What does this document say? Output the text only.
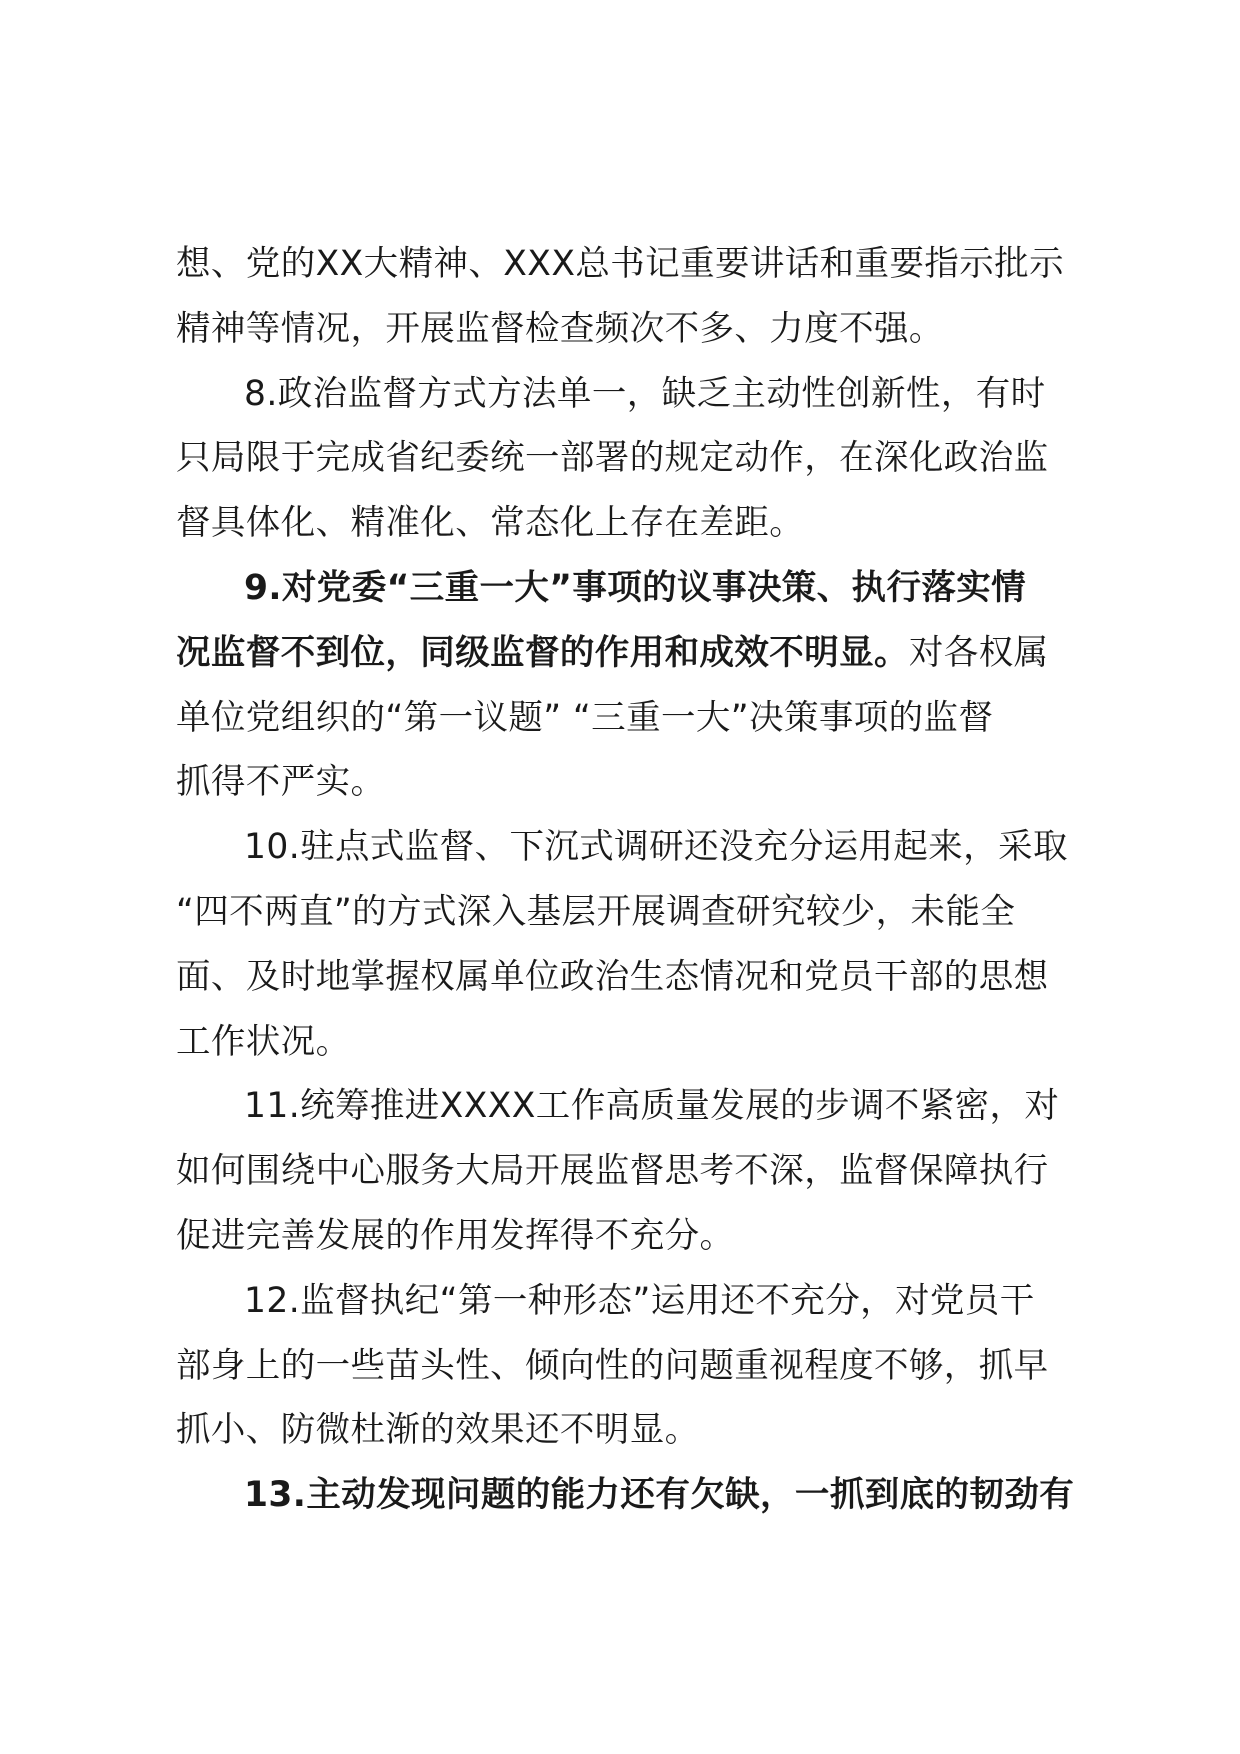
想、党的XX大精神、XXX总书记重要讲话和重要指示批示
精神等情况，开展监督检查频次不多、力度不强。
8.政治监督方式方法单一，缺乏主动性创新性，有时
只局限于完成省纪委统一部署的规定动作，在深化政治监
督具体化、精准化、常态化上存在差距。
9.对党委“三重一大”事项的议事决策、执行落实情
况监督不到位，同级监督的作用和成效不明显。对各权属
单位党组织的“第一议题” “三重一大”决策事项的监督
抓得不严实。
10.驻点式监督、下沉式调研还没充分运用起来，采取
“四不两直”的方式深入基层开展调查研究较少，未能全
面、及时地掌握权属单位政治生态情况和党员干部的思想
工作状况。
11.统筹推进XXXX工作高质量发展的步调不紧密，对
如何围绕中心服务大局开展监督思考不深，监督保障执行
促进完善发展的作用发挥得不充分。
12.监督执纪“第一种形态”运用还不充分，对党员干
部身上的一些苗头性、倾向性的问题重视程度不够，抓早
抓小、防微杜渐的效果还不明显。
13.主动发现问题的能力还有欠缺，一抓到底的韧劲有
